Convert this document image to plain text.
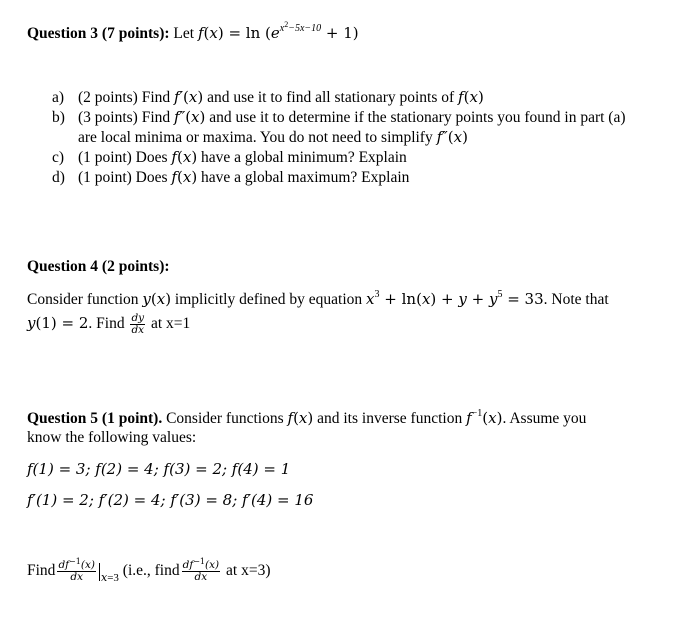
Question 3 (7 points): Let $f(x) = \ln (e^{x^2-5x-10} + 1)$
a) (2 points) Find f′(x) and use it to find all stationary points of f(x)
b) (3 points) Find f″(x) and use it to determine if the stationary points you found in part (a)
are local minima or maxima. You do not need to simplify f″(x)
c) (1 point) Does f(x) have a global minimum? Explain
d) (1 point) Does f(x) have a global maximum? Explain
Question 4 (2 points):
Consider function y(x) implicitly defined by equation $x^3 + \ln(x) + y + y^5 = 33$. Note that
y(1) = 2. Find $\frac{dy}{dx}$ at x=1
Question 5 (1 point). Consider functions f(x) and its inverse function $f^{-1}(x)$. Assume you
know the following values:
f(1) = 3; f(2) = 4; f(3) = 2; f(4) = 1
f′(1) = 2; f′(2) = 4; f′(3) = 8; f′(4) = 16
Find $\frac{df^{-1}(x)}{dx} _{x=3}$ (i.e., find $\frac{df^{-1}(x)}{dx}$ at x=3)
